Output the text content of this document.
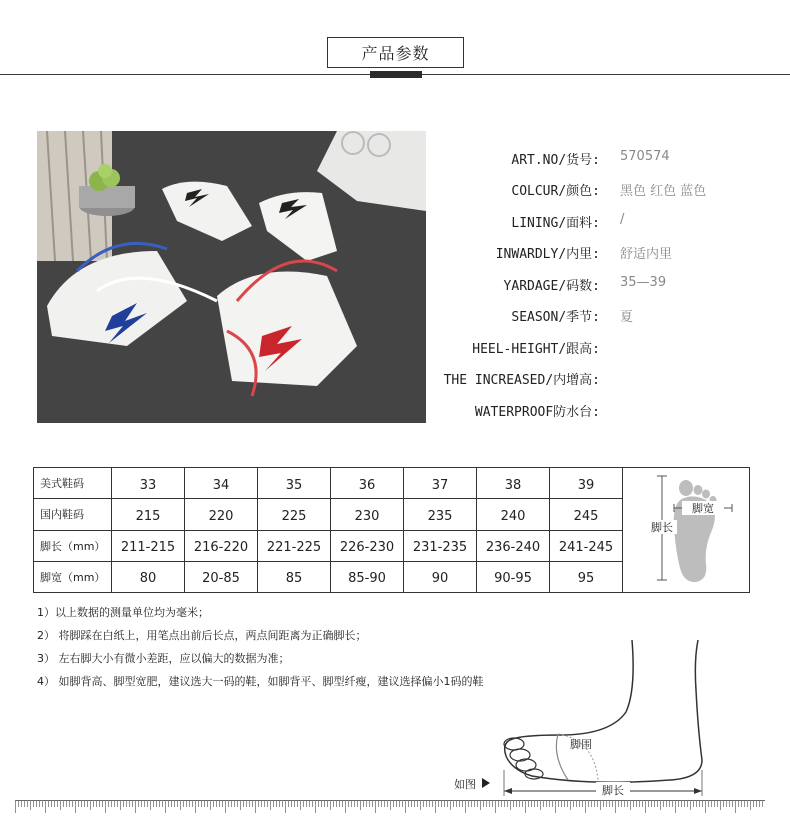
产品参数
ART.NO/货号: 570574
COLCUR/颜色: 黑色 红色 蓝色
LINING/面料: /
INWARDLY/内里: 舒适内里
YARDAGE/码数: 35—39
SEASON/季节: 夏
HEEL-HEIGHT/跟高:
THE INCREASED/内增高:
WATERPROOF防水台:
美式鞋码	33	34	35	36	37	38	39	脚宽
脚长

国内鞋码	215	220	225	230	235	240	245	
脚长（mm）	211-215	216-220	221-225	226-230	231-235	236-240	241-245	
脚宽（mm）	80	20-85	85	85-90	90	90-95	95	
1）以上数据的测量单位均为毫米；
2） 将脚踩在白纸上，用笔点出前后长点，两点间距离为正确脚长；
3） 左右脚大小有微小差距，应以偏大的数据为准；
4） 如脚背高、脚型宽肥，建议选大一码的鞋，如脚背平、脚型纤瘦，建议选择偏小1码的鞋
脚围
脚长
如图
